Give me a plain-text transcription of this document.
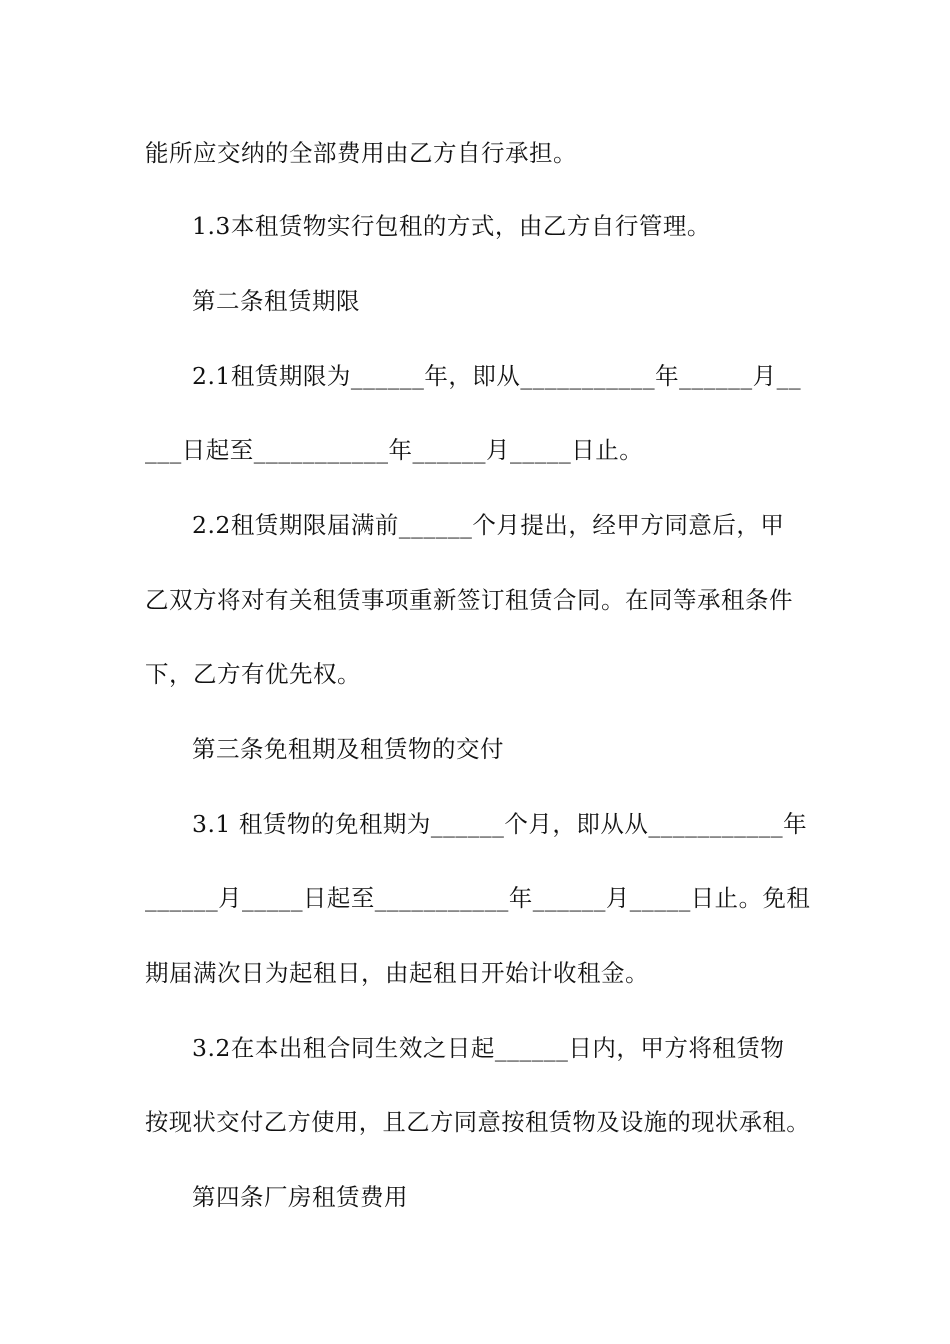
能所应交纳的全部费用由乙方自行承担。
1.3本租赁物实行包租的方式，由乙方自行管理。
第二条租赁期限
2.1租赁期限为______年，即从___________年______月__
___日起至___________年______月_____日止。
2.2租赁期限届满前______个月提出，经甲方同意后，甲
乙双方将对有关租赁事项重新签订租赁合同。在同等承租条件
下，乙方有优先权。
第三条免租期及租赁物的交付
3.1 租赁物的免租期为______个月，即从从___________年
______月_____日起至___________年______月_____日止。免租
期届满次日为起租日，由起租日开始计收租金。
3.2在本出租合同生效之日起______日内，甲方将租赁物
按现状交付乙方使用，且乙方同意按租赁物及设施的现状承租。
第四条厂房租赁费用
